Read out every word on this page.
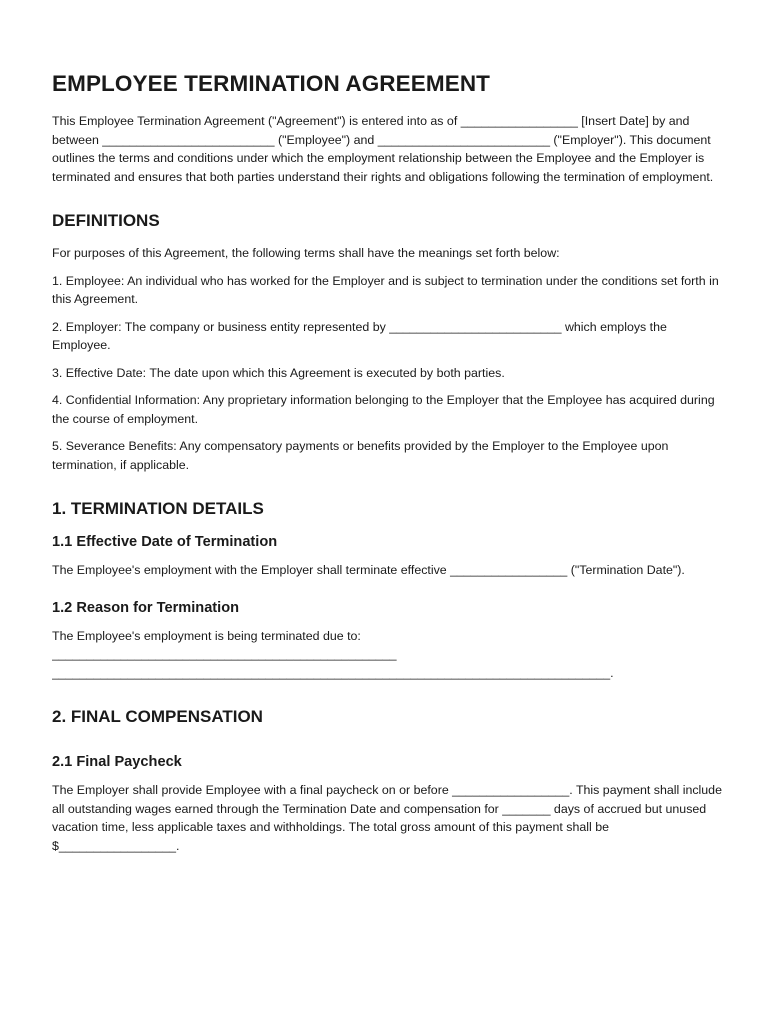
EMPLOYEE TERMINATION AGREEMENT

This Employee Termination Agreement ("Agreement") is entered into as of _________________ [Insert Date] by and between _________________________ ("Employee") and _________________________ ("Employer"). This document outlines the terms and conditions under which the employment relationship between the Employee and the Employer is terminated and ensures that both parties understand their rights and obligations following the termination of employment.

DEFINITIONS

For purposes of this Agreement, the following terms shall have the meanings set forth below:

1. Employee: An individual who has worked for the Employer and is subject to termination under the conditions set forth in this Agreement.

2. Employer: The company or business entity represented by _________________________ which employs the Employee.

3. Effective Date: The date upon which this Agreement is executed by both parties.

4. Confidential Information: Any proprietary information belonging to the Employer that the Employee has acquired during the course of employment.

5. Severance Benefits: Any compensatory payments or benefits provided by the Employer to the Employee upon termination, if applicable.

1. TERMINATION DETAILS
1.1 Effective Date of Termination

The Employee's employment with the Employer shall terminate effective _________________ ("Termination Date").

1.2 Reason for Termination

The Employee's employment is being terminated due to:

__________________________________________________
_________________________________________________________________________________.
2. FINAL COMPENSATION
2.1 Final Paycheck

The Employer shall provide Employee with a final paycheck on or before _________________. This payment shall include all outstanding wages earned through the Termination Date and compensation for _______ days of accrued but unused vacation time, less applicable taxes and withholdings. The total gross amount of this payment shall be $_________________.
